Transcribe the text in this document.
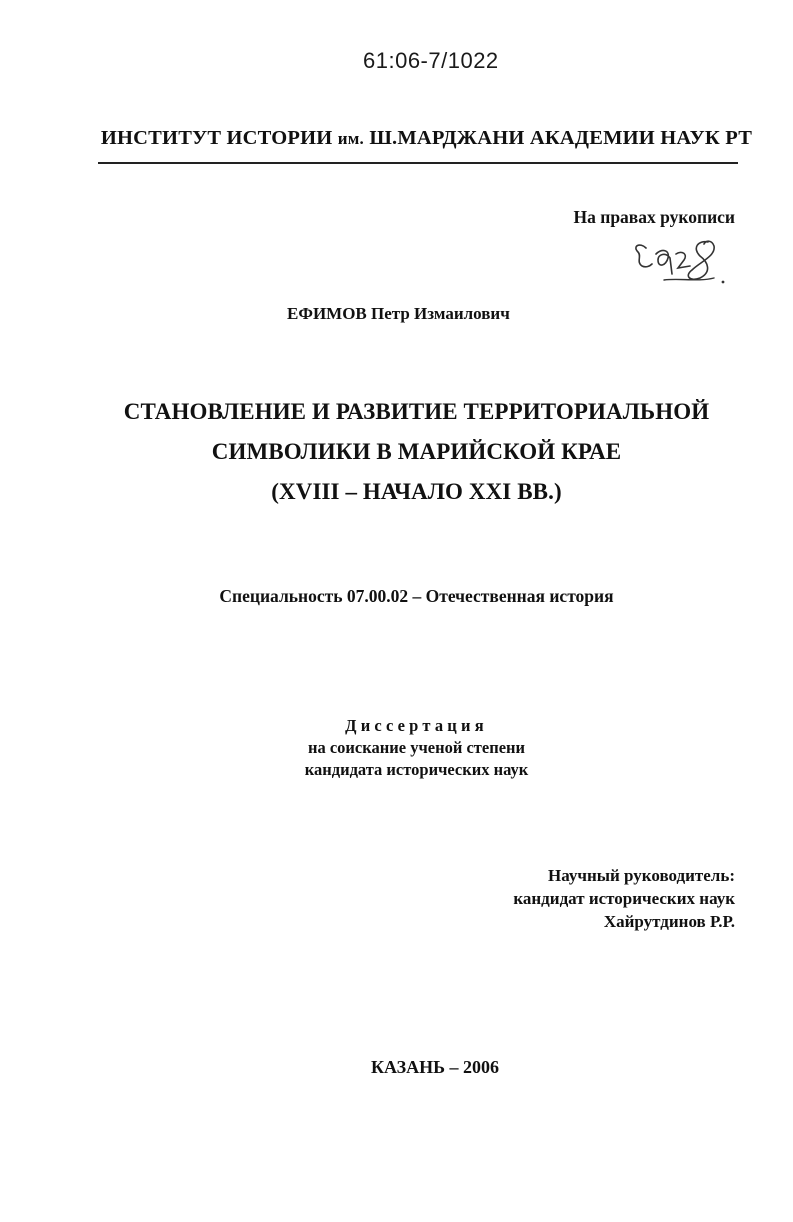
61:06-7/1022
ИНСТИТУТ ИСТОРИИ им. Ш.МАРДЖАНИ АКАДЕМИИ НАУК РТ
На правах рукописи
ЕФИМОВ Петр Измаилович
СТАНОВЛЕНИЕ И РАЗВИТИЕ ТЕРРИТОРИАЛЬНОЙ
СИМВОЛИКИ В МАРИЙСКОЙ КРАЕ
(XVIII – НАЧАЛО XXI ВВ.)
Специальность 07.00.02 – Отечественная история
Диссертация
на соискание ученой степени
кандидата исторических наук
Научный руководитель:
кандидат исторических наук
Хайрутдинов Р.Р.
КАЗАНЬ – 2006
